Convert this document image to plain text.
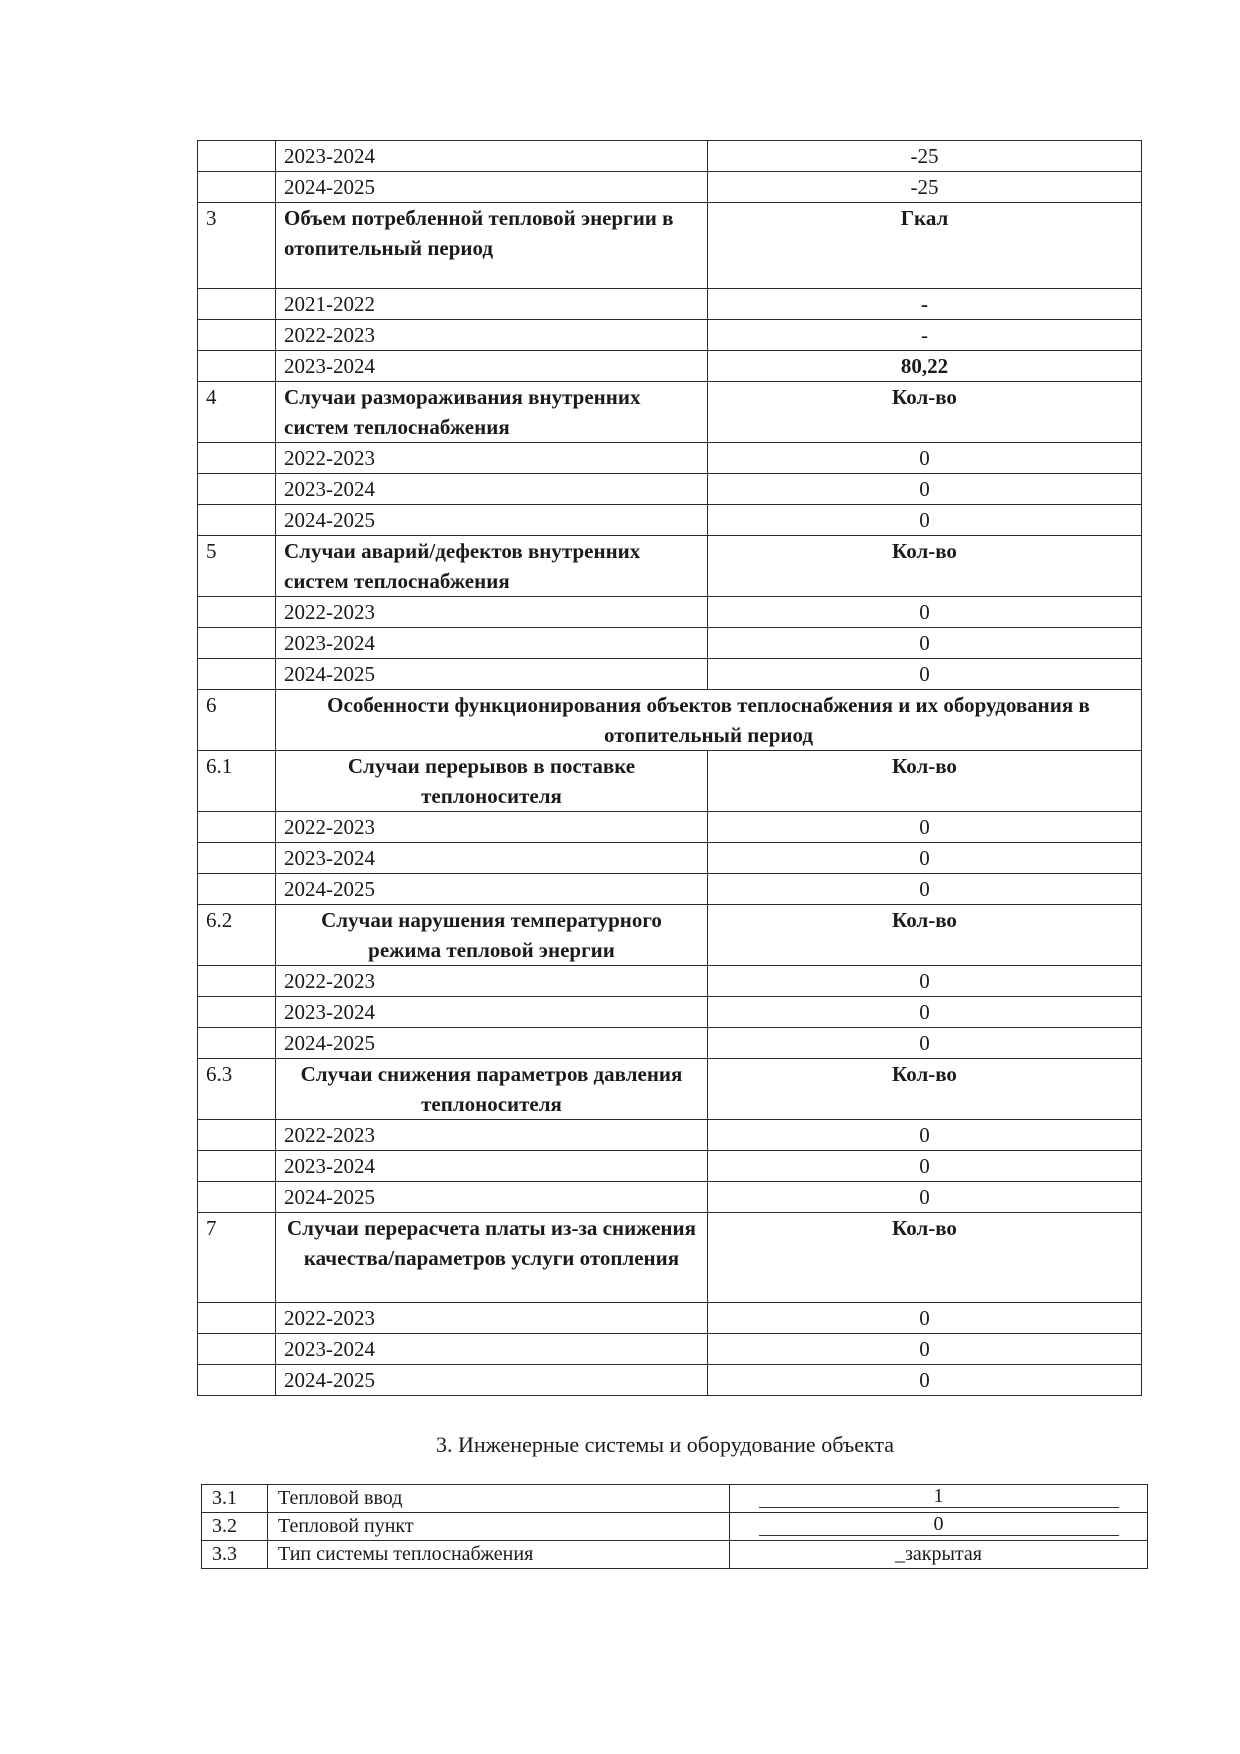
	2023-2024	-25
	2024-2025	-25
3	Объем потребленной тепловой энергии в отопительный период	Гкал
	2021-2022	-
	2022-2023	-
	2023-2024	80,22
4	Случаи размораживания внутренних систем теплоснабжения	Кол-во
	2022-2023	0
	2023-2024	0
	2024-2025	0
5	Случаи аварий/дефектов внутренних систем теплоснабжения	Кол-во
	2022-2023	0
	2023-2024	0
	2024-2025	0
6	Особенности функционирования объектов теплоснабжения и их оборудования в отопительный период	
6.1	Случаи перерывов в поставке теплоносителя	Кол-во
	2022-2023	0
	2023-2024	0
	2024-2025	0
6.2	Случаи нарушения температурного режима тепловой энергии	Кол-во
	2022-2023	0
	2023-2024	0
	2024-2025	0
6.3	Случаи снижения параметров давления теплоносителя	Кол-во
	2022-2023	0
	2023-2024	0
	2024-2025	0
7	Случаи перерасчета платы из-за снижения качества/параметров услуги отопления	Кол-во
	2022-2023	0
	2023-2024	0
	2024-2025	0
3. Инженерные системы и оборудование объекта
3.1	Тепловой ввод	1

3.2	Тепловой пункт	0

3.3	Тип системы теплоснабжения	_закрытая
